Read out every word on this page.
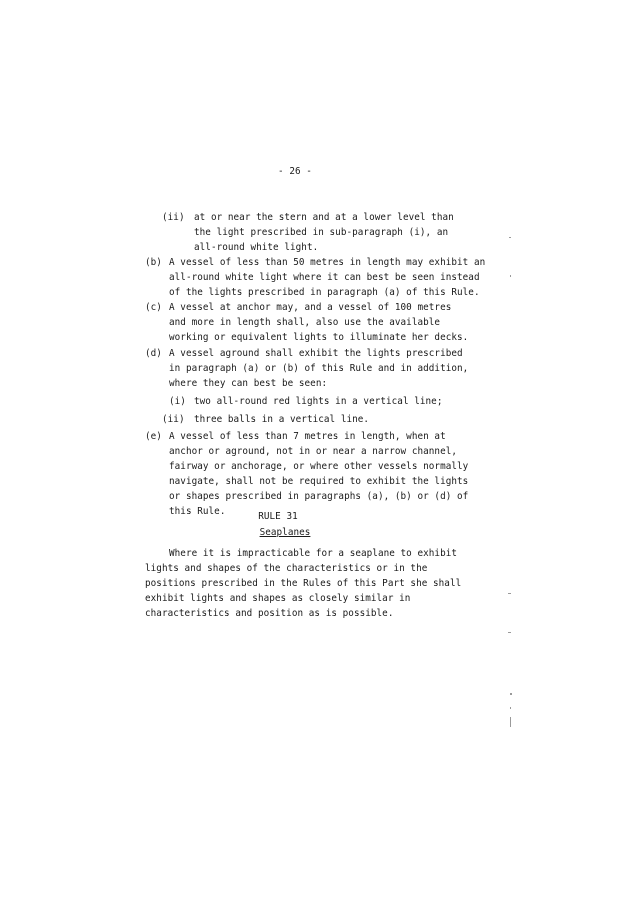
- 26 -
(ii) at or near the stern and at a lower level than
the light prescribed in sub-paragraph (i), an
all-round white light.
(b) A vessel of less than 50 metres in length may exhibit an
all-round white light where it can best be seen instead
of the lights prescribed in paragraph (a) of this Rule.
(c) A vessel at anchor may, and a vessel of 100 metres
and more in length shall, also use the available
working or equivalent lights to illuminate her decks.
(d) A vessel aground shall exhibit the lights prescribed
in paragraph (a) or (b) of this Rule and in addition,
where they can best be seen:
(i) two all-round red lights in a vertical line;
(ii) three balls in a vertical line.
(e) A vessel of less than 7 metres in length, when at
anchor or aground, not in or near a narrow channel,
fairway or anchorage, or where other vessels normally
navigate, shall not be required to exhibit the lights
or shapes prescribed in paragraphs (a), (b) or (d) of
this Rule.	RULE 31
Seaplanes
Where it is impracticable for a seaplane to exhibit
lights and shapes of the characteristics or in the
positions prescribed in the Rules of this Part she shall
exhibit lights and shapes as closely similar in
characteristics and position as is possible.
